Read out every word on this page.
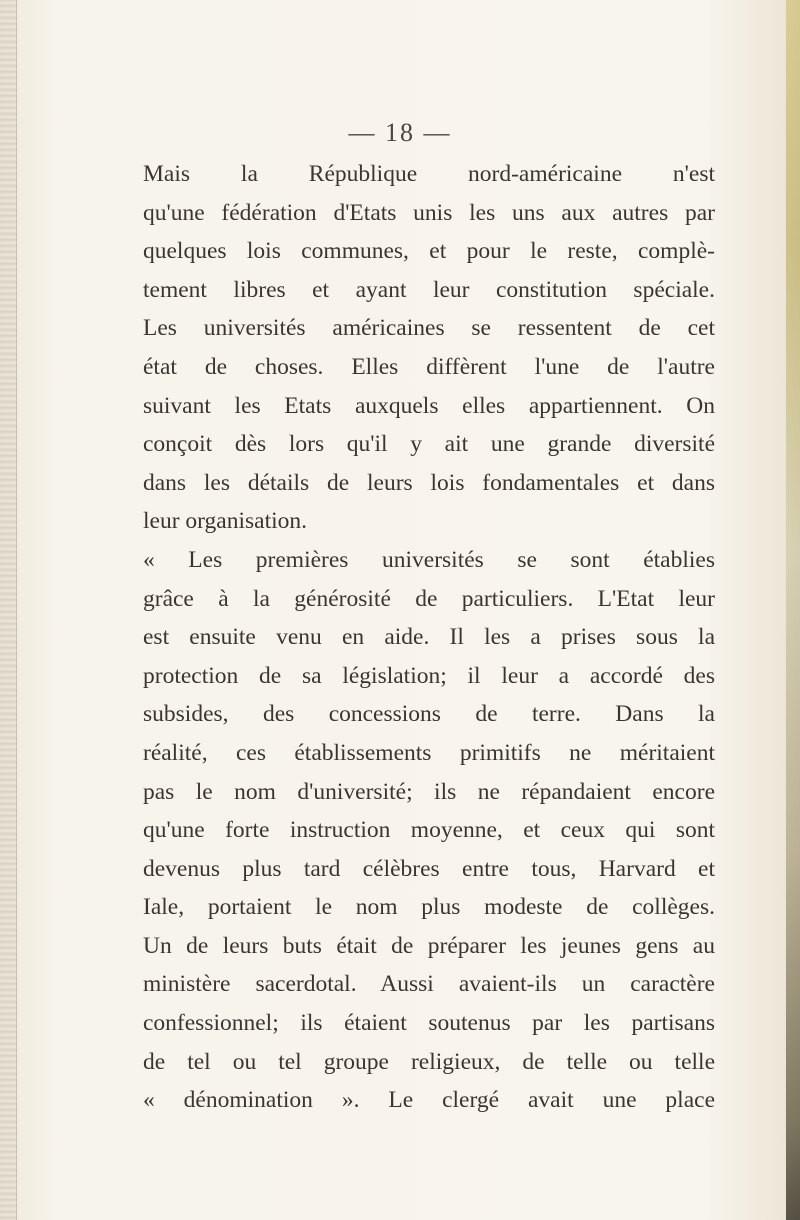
— 18 —
Mais la République nord-américaine n'est
qu'une fédération d'Etats unis les uns aux autres par
quelques lois communes, et pour le reste, complè-
tement libres et ayant leur constitution spéciale.
Les universités américaines se ressentent de cet
état de choses. Elles diffèrent l'une de l'autre
suivant les Etats auxquels elles appartiennent. On
conçoit dès lors qu'il y ait une grande diversité
dans les détails de leurs lois fondamentales et dans
leur organisation.
« Les premières universités se sont établies
grâce à la générosité de particuliers. L'Etat leur
est ensuite venu en aide. Il les a prises sous la
protection de sa législation; il leur a accordé des
subsides, des concessions de terre. Dans la
réalité, ces établissements primitifs ne méritaient
pas le nom d'université; ils ne répandaient encore
qu'une forte instruction moyenne, et ceux qui sont
devenus plus tard célèbres entre tous, Harvard et
Iale, portaient le nom plus modeste de collèges.
Un de leurs buts était de préparer les jeunes gens au
ministère sacerdotal. Aussi avaient-ils un caractère
confessionnel; ils étaient soutenus par les partisans
de tel ou tel groupe religieux, de telle ou telle
« dénomination ». Le clergé avait une place
